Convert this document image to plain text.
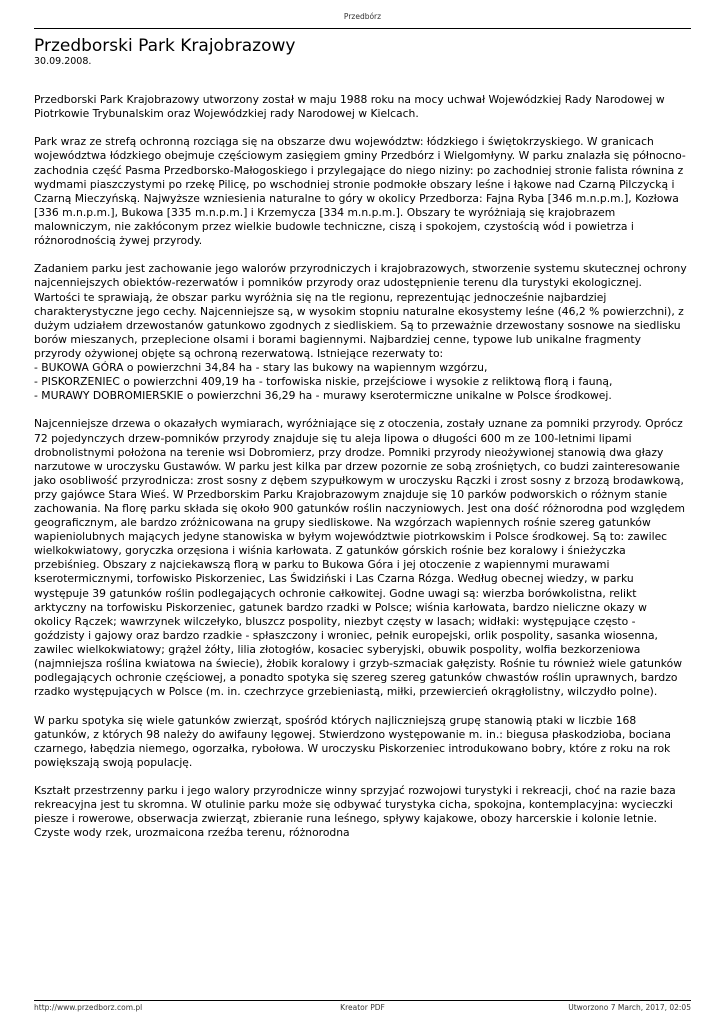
Przedbórz
Przedborski Park Krajobrazowy
30.09.2008.

Przedborski Park Krajobrazowy utworzony został w maju 1988 roku na mocy uchwał Wojewódzkiej Rady Narodowej w Piotrkowie Trybunalskim oraz Wojewódzkiej rady Narodowej w Kielcach.

Park wraz ze strefą ochronną rozciąga się na obszarze dwu województw: łódzkiego i świętokrzyskiego. W granicach województwa łódzkiego obejmuje częściowym zasięgiem gminy Przedbórz i Wielgomłyny. W parku znalazła się północno-zachodnia część Pasma Przedborsko-Małogoskiego i przylegające do niego niziny: po zachodniej stronie falista równina z wydmami piaszczystymi po rzekę Pilicę, po wschodniej stronie podmokłe obszary leśne i łąkowe nad Czarną Pilczycką i Czarną Mieczyńską. Najwyższe wzniesienia naturalne to góry w okolicy Przedborza: Fajna Ryba [346 m.n.p.m.], Kozłowa [336 m.n.p.m.], Bukowa [335 m.n.p.m.] i Krzemycza [334 m.n.p.m.]. Obszary te wyróżniają się krajobrazem malowniczym, nie zakłóconym przez wielkie budowle techniczne, ciszą i spokojem, czystością wód i powietrza i różnorodnością żywej przyrody.

Zadaniem parku jest zachowanie jego walorów przyrodniczych i krajobrazowych, stworzenie systemu skutecznej ochrony najcenniejszych obiektów-rezerwatów i pomników przyrody oraz udostępnienie terenu dla turystyki ekologicznej. Wartości te sprawiają, że obszar parku wyróżnia się na tle regionu, reprezentując jednocześnie najbardziej charakterystyczne jego cechy. Najcenniejsze są, w wysokim stopniu naturalne ekosystemy leśne (46,2 % powierzchni), z dużym udziałem drzewostanów gatunkowo zgodnych z siedliskiem. Są to przeważnie drzewostany sosnowe na siedlisku borów mieszanych, przeplecione olsami i borami bagiennymi. Najbardziej cenne, typowe lub unikalne fragmenty przyrody ożywionej objęte są ochroną rezerwatową. Istniejące rezerwaty to:
- BUKOWA GÓRA o powierzchni 34,84 ha - stary las bukowy na wapiennym wzgórzu,
- PISKORZENIEC o powierzchni 409,19 ha - torfowiska niskie, przejściowe i wysokie z reliktową florą i fauną,
- MURAWY DOBROMIERSKIE o powierzchni 36,29 ha - murawy kserotermiczne unikalne w Polsce środkowej.

Najcenniejsze drzewa o okazałych wymiarach, wyróżniające się z otoczenia, zostały uznane za pomniki przyrody. Oprócz 72 pojedynczych drzew-pomników przyrody znajduje się tu aleja lipowa o długości 600 m ze 100-letnimi lipami drobnolistnymi położona na terenie wsi Dobromierz, przy drodze. Pomniki przyrody nieożywionej stanowią dwa głazy narzutowe w uroczysku Gustawów. W parku jest kilka par drzew pozornie ze sobą zrośniętych, co budzi zainteresowanie jako osobliwość przyrodnicza: zrost sosny z dębem szypułkowym w uroczysku Rączki i zrost sosny z brzozą brodawkową, przy gajówce Stara Wieś. W Przedborskim Parku Krajobrazowym znajduje się 10 parków podworskich o różnym stanie zachowania. Na florę parku składa się około 900 gatunków roślin naczyniowych. Jest ona dość różnorodna pod względem geograficznym, ale bardzo zróżnicowana na grupy siedliskowe. Na wzgórzach wapiennych rośnie szereg gatunków wapieniolubnych mających jedyne stanowiska w byłym województwie piotrkowskim i Polsce środkowej. Są to: zawilec wielkokwiatowy, goryczka orzęsiona i wiśnia karłowata. Z gatunków górskich rośnie bez koralowy i śnieżyczka przebiśnieg. Obszary z najciekawszą florą w parku to Bukowa Góra i jej otoczenie z wapiennymi murawami kserotermicznymi, torfowisko Piskorzeniec, Las Świdziński i Las Czarna Rózga. Według obecnej wiedzy, w parku występuje 39 gatunków roślin podlegających ochronie całkowitej. Godne uwagi są: wierzba borówkolistna, relikt arktyczny na torfowisku Piskorzeniec, gatunek bardzo rzadki w Polsce; wiśnia karłowata, bardzo nieliczne okazy w okolicy Rączek; wawrzynek wilczełyko, bluszcz pospolity, niezbyt częsty w lasach; widłaki: występujące często - goździsty i gajowy oraz bardzo rzadkie - spłaszczony i wroniec, pełnik europejski, orlik pospolity, sasanka wiosenna, zawilec wielkokwiatowy; grążel żółty, lilia złotogłów, kosaciec syberyjski, obuwik pospolity, wolfia bezkorzeniowa (najmniejsza roślina kwiatowa na świecie), żłobik koralowy i grzyb-szmaciak gałęzisty. Rośnie tu również wiele gatunków podlegających ochronie częściowej, a ponadto spotyka się szereg szereg gatunków chwastów roślin uprawnych, bardzo rzadko występujących w Polsce (m. in. czechrzyce grzebieniastą, miłki, przewiercień okrągłolistny, wilczydło polne).

W parku spotyka się wiele gatunków zwierząt, spośród których najliczniejszą grupę stanowią ptaki w liczbie 168 gatunków, z których 98 należy do awifauny lęgowej. Stwierdzono występowanie m. in.: biegusa płaskodzioba, bociana czarnego, łabędzia niemego, ogorzałka, rybołowa. W uroczysku Piskorzeniec introdukowano bobry, które z roku na rok powiększają swoją populację.

Kształt przestrzenny parku i jego walory przyrodnicze winny sprzyjać rozwojowi turystyki i rekreacji, choć na razie baza rekreacyjna jest tu skromna. W otulinie parku może się odbywać turystyka cicha, spokojna, kontemplacyjna: wycieczki piesze i rowerowe, obserwacja zwierząt, zbieranie runa leśnego, spływy kajakowe, obozy harcerskie i kolonie letnie. Czyste wody rzek, urozmaicona rzeźba terenu, różnorodna

http://www.przedborz.com.pl	Kreator PDF	Utworzono 7 March, 2017, 02:05
